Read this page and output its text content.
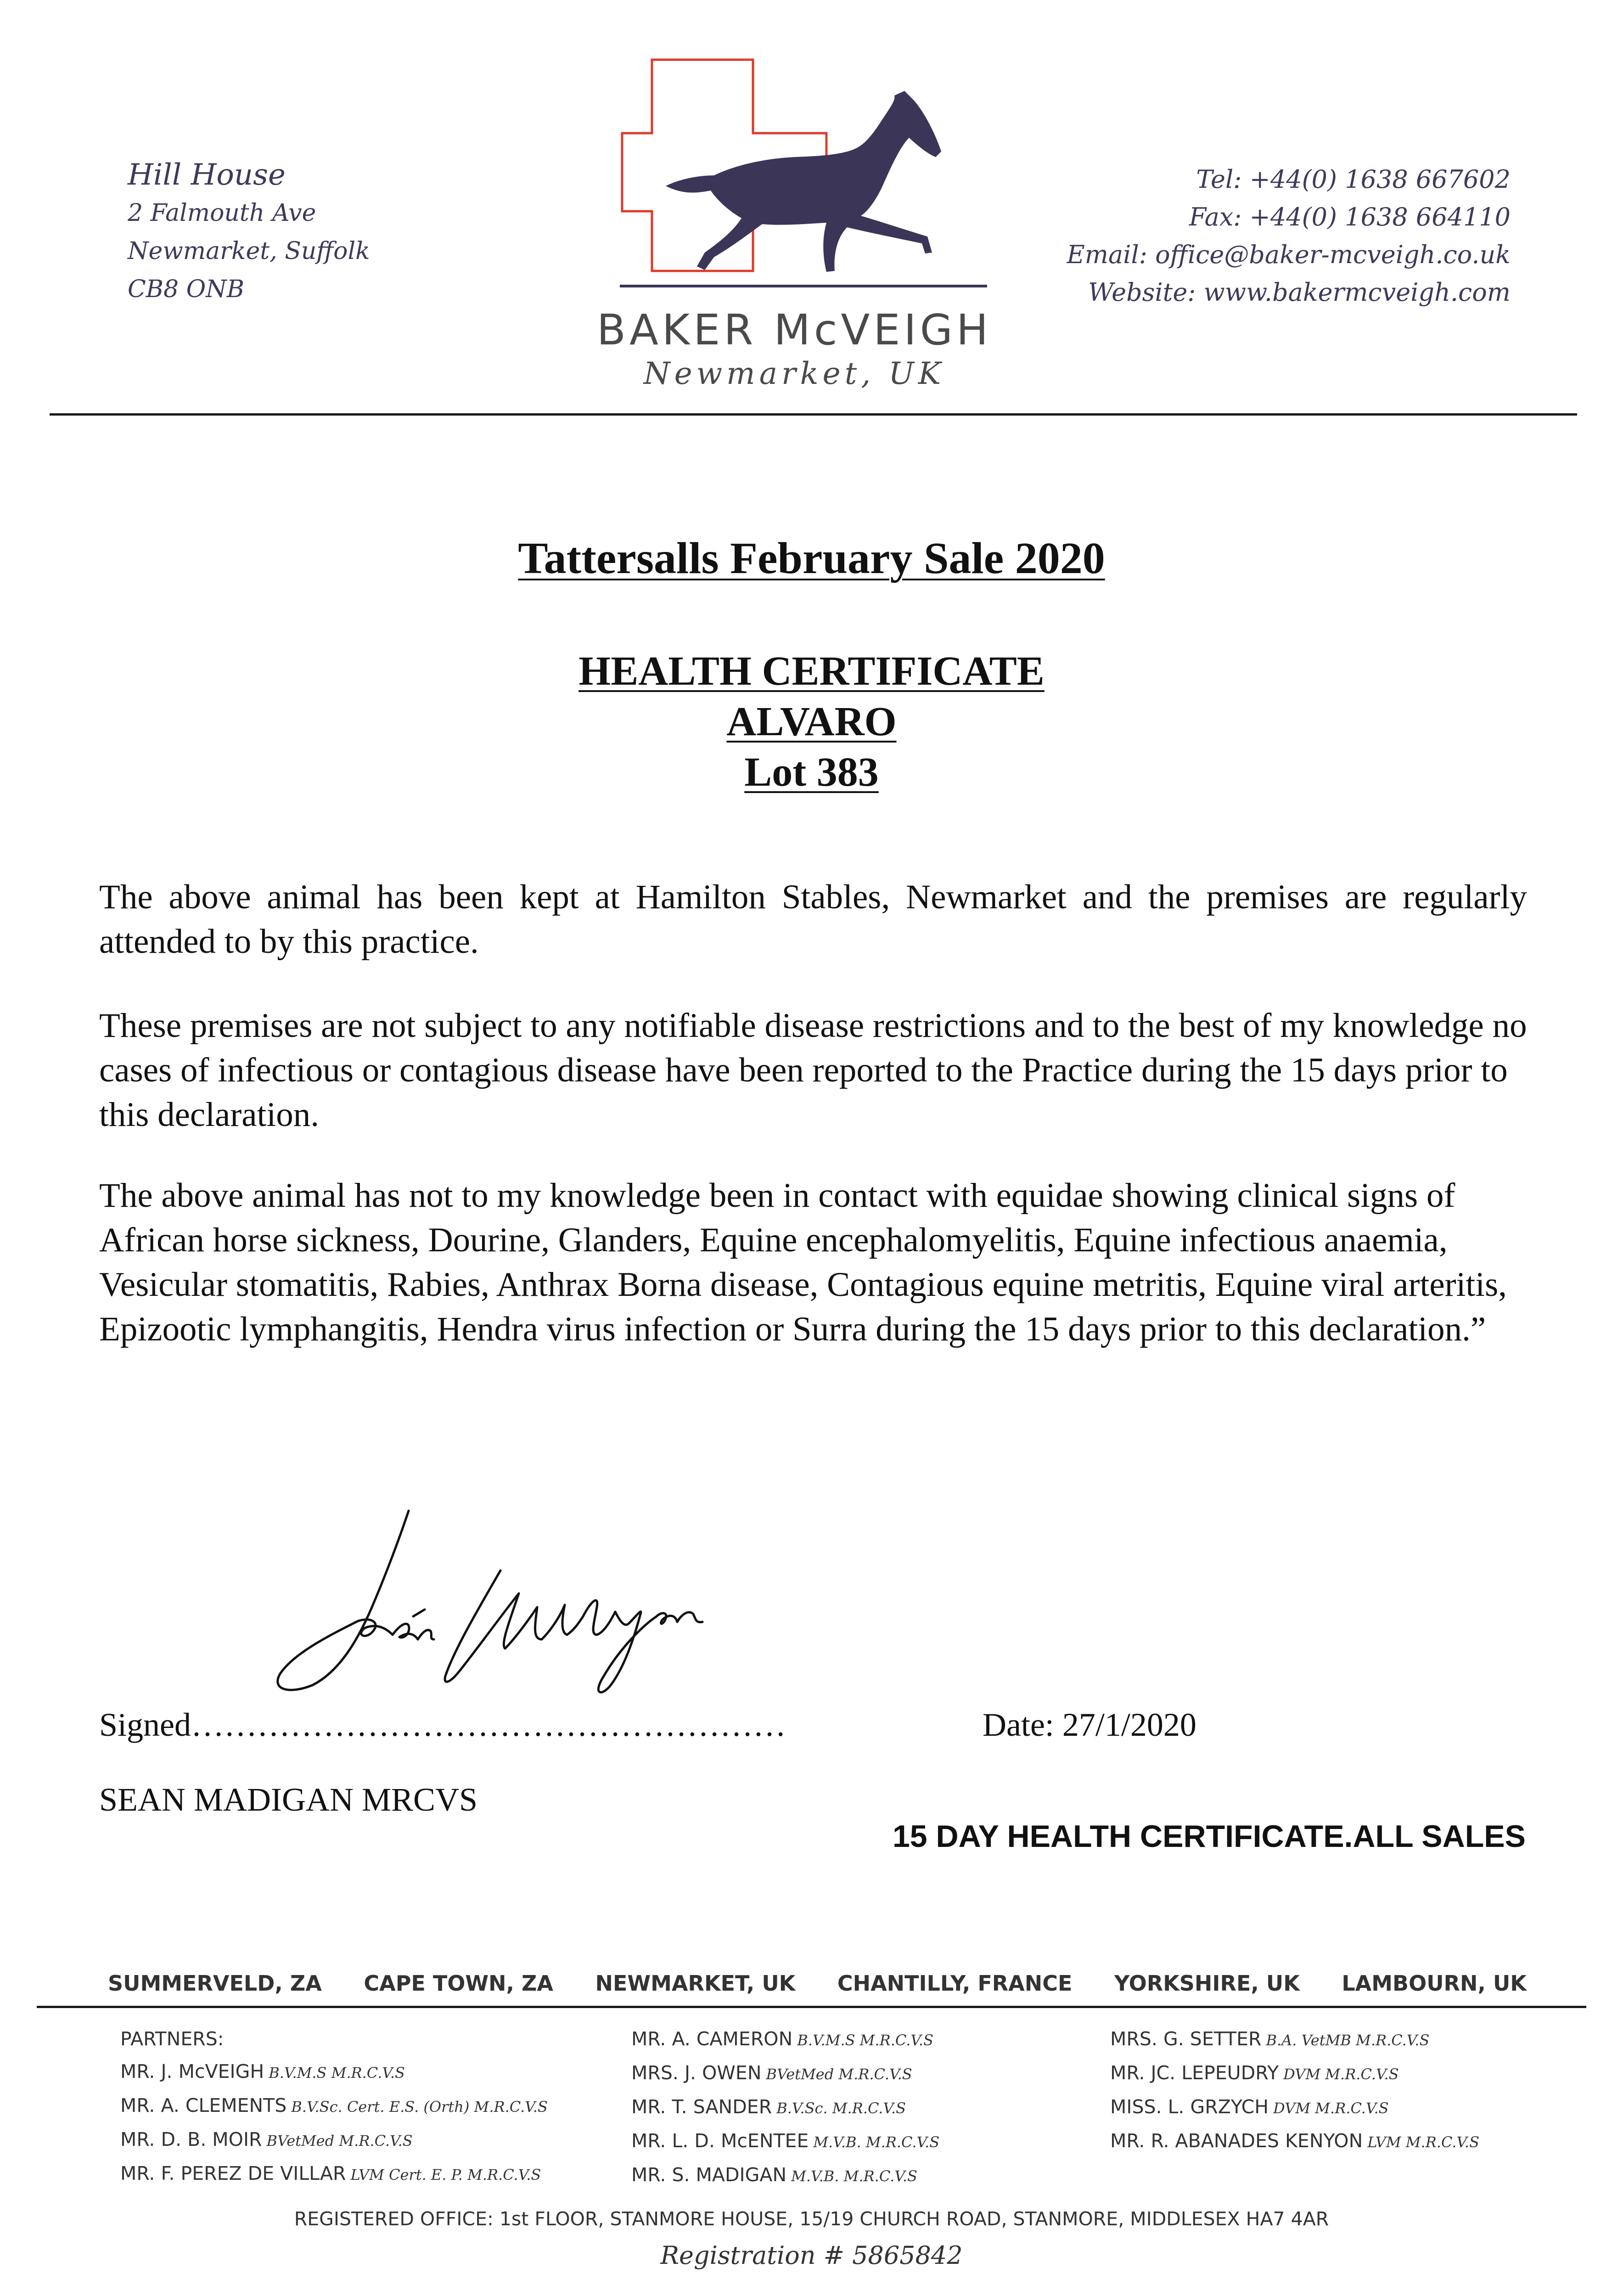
Hill House
2 Falmouth Ave
Newmarket, Suffolk
CB8 ONB
BAKER McVEIGH
Newmarket, UK
Tel: +44(0) 1638 667602
Fax: +44(0) 1638 664110
Email: office@baker-mcveigh.co.uk
Website: www.bakermcveigh.com
Tattersalls February Sale 2020
HEALTH CERTIFICATE
ALVARO
Lot 383
The above animal has been kept at Hamilton Stables, Newmarket and the premises are regularly attended to by this practice.
These premises are not subject to any notifiable disease restrictions and to the best of my knowledge no cases of infectious or contagious disease have been reported to the Practice during the 15 days prior to this declaration.
The above animal has not to my knowledge been in contact with equidae showing clinical signs of African horse sickness, Dourine, Glanders, Equine encephalomyelitis, Equine infectious anaemia, Vesicular stomatitis, Rabies, Anthrax Borna disease, Contagious equine metritis, Equine viral arteritis, Epizootic lymphangitis, Hendra virus infection or Surra during the 15 days prior to this declaration.”
Signed………………………………………………	Date: 27/1/2020
SEAN MADIGAN MRCVS
15 DAY HEALTH CERTIFICATE.ALL SALES
SUMMERVELD, ZA CAPE TOWN, ZA NEWMARKET, UK CHANTILLY, FRANCE YORKSHIRE, UK LAMBOURN, UK
PARTNERS:
MR. J. McVEIGH B.V.M.S M.R.C.V.S
MR. A. CLEMENTS B.V.Sc. Cert. E.S. (Orth) M.R.C.V.S
MR. D. B. MOIR BVetMed M.R.C.V.S
MR. F. PEREZ DE VILLAR LVM Cert. E. P. M.R.C.V.S
MR. A. CAMERON B.V.M.S M.R.C.V.S
MRS. J. OWEN BVetMed M.R.C.V.S
MR. T. SANDER B.V.Sc. M.R.C.V.S
MR. L. D. McENTEE M.V.B. M.R.C.V.S
MR. S. MADIGAN M.V.B. M.R.C.V.S
MRS. G. SETTER B.A. VetMB M.R.C.V.S
MR. JC. LEPEUDRY DVM M.R.C.V.S
MISS. L. GRZYCH DVM M.R.C.V.S
MR. R. ABANADES KENYON LVM M.R.C.V.S
REGISTERED OFFICE: 1st FLOOR, STANMORE HOUSE, 15/19 CHURCH ROAD, STANMORE, MIDDLESEX HA7 4AR
Registration # 5865842
